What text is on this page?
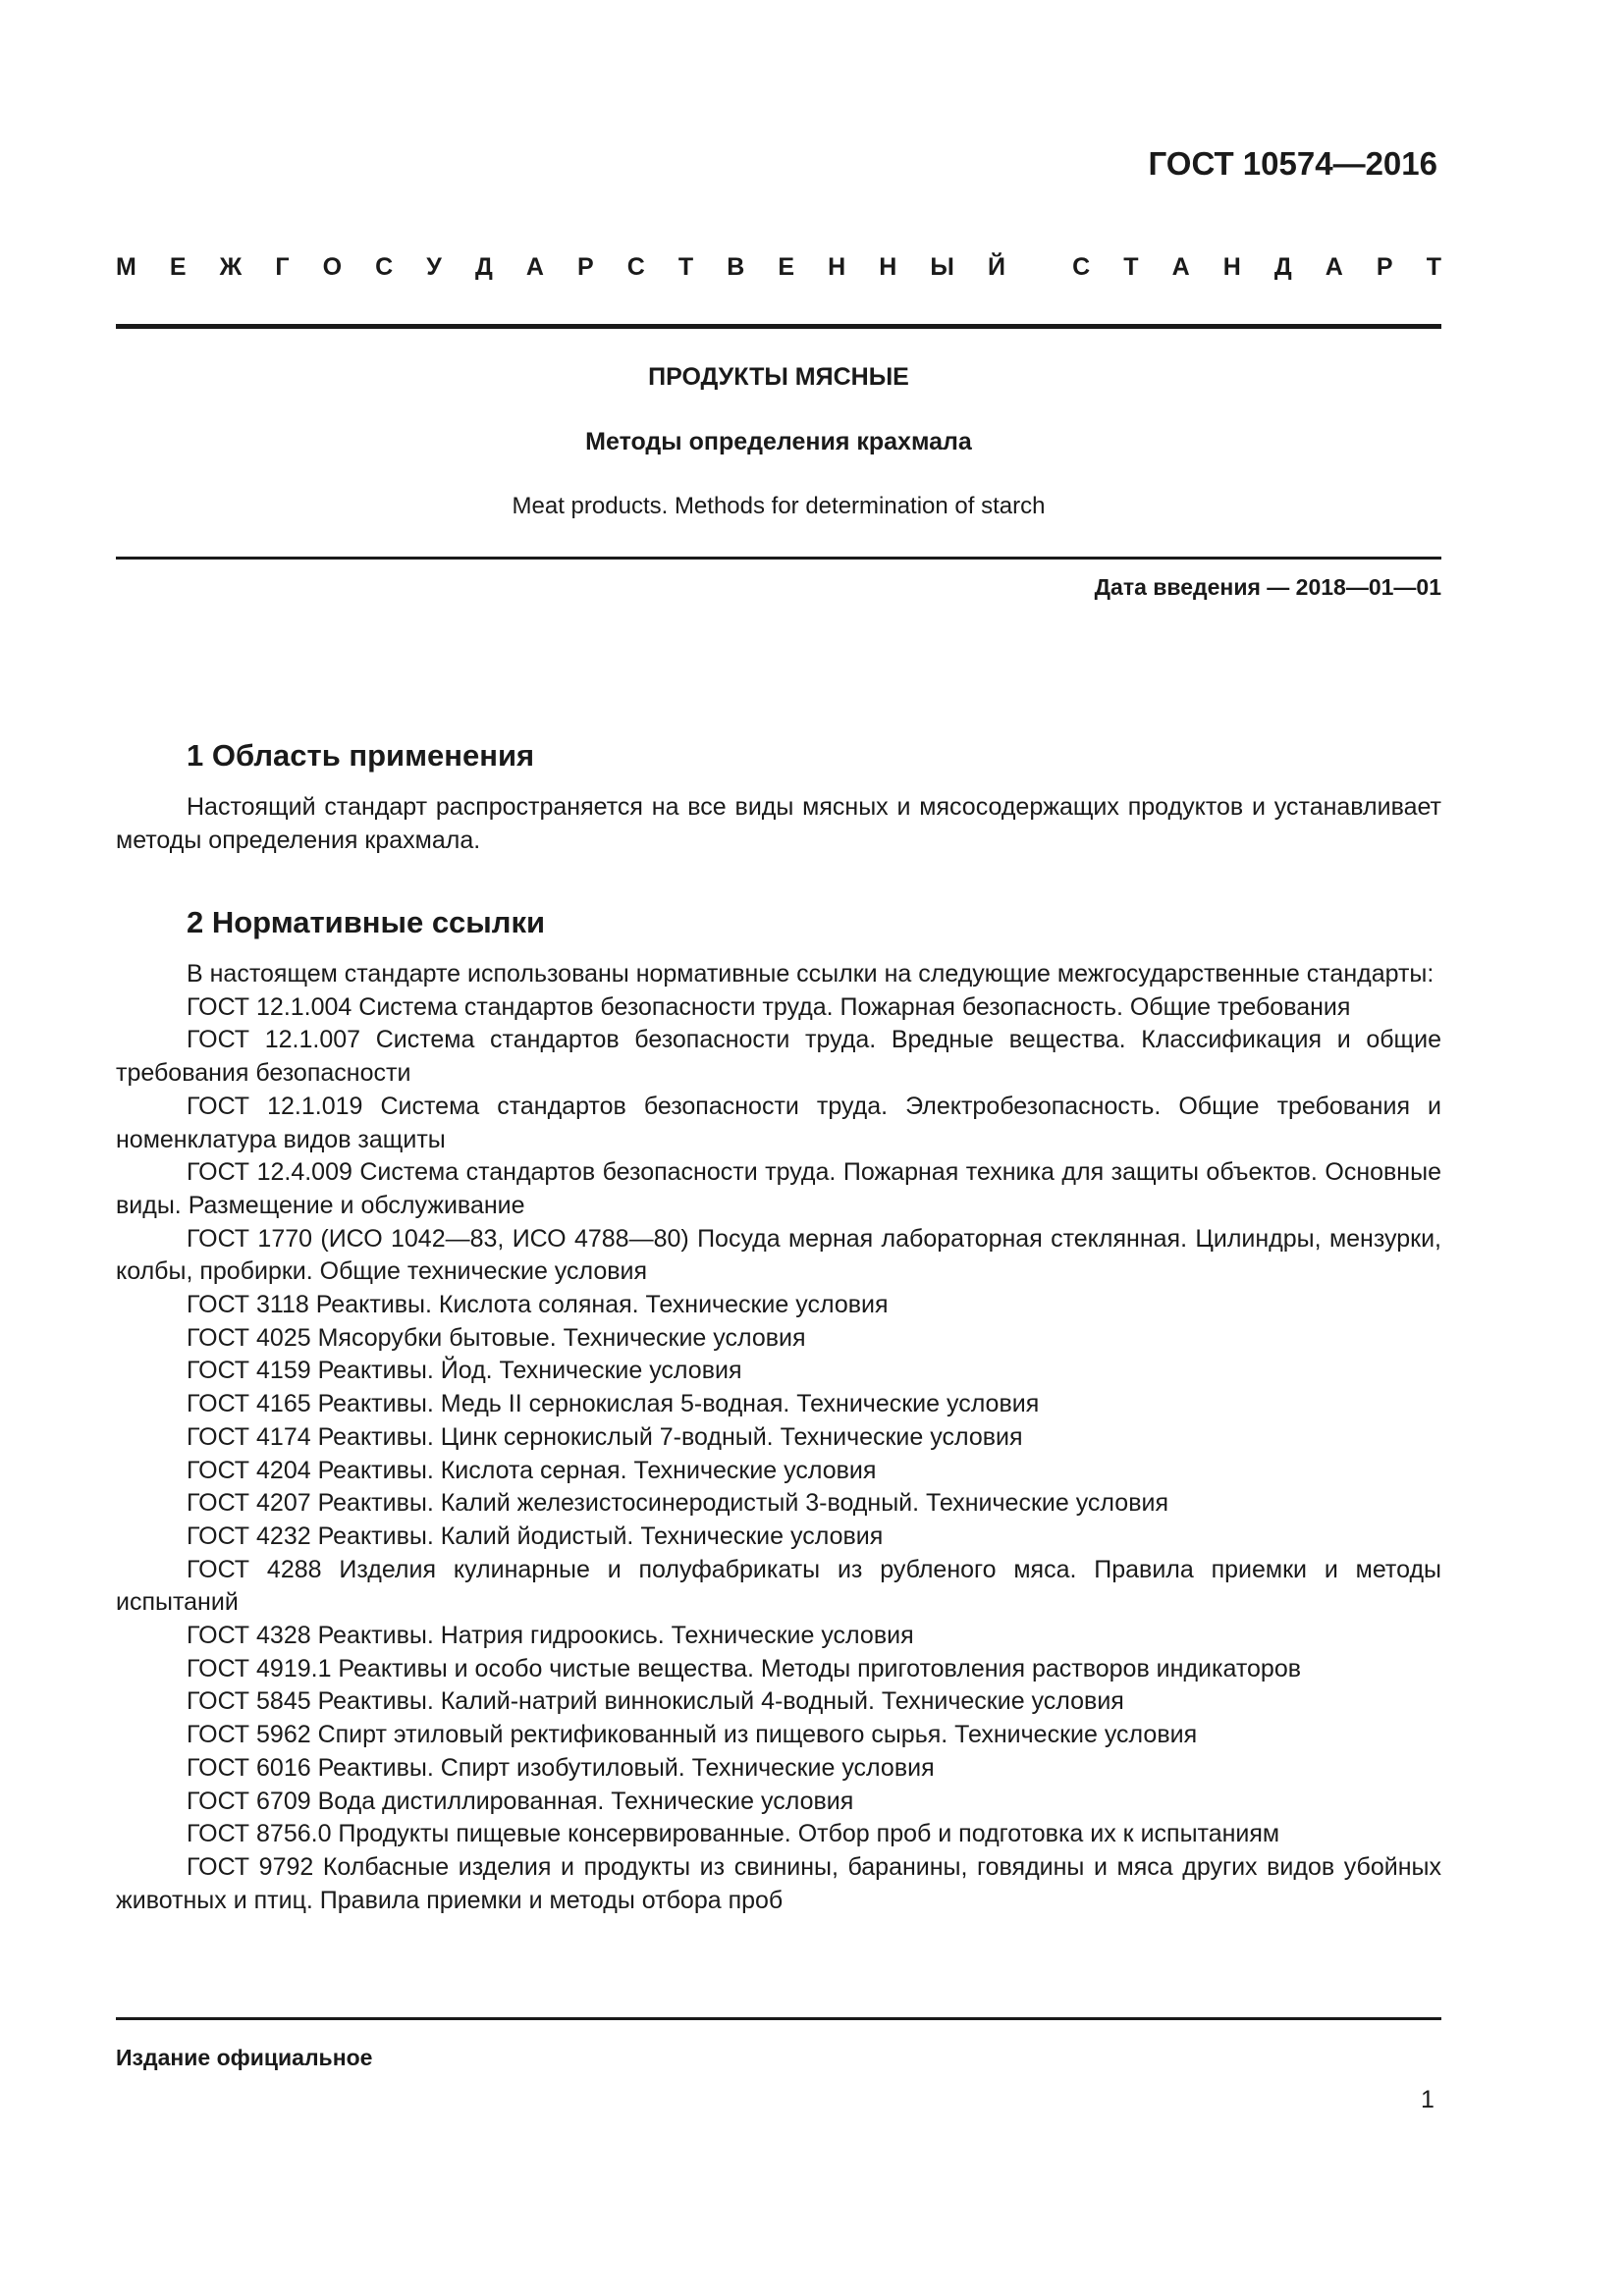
ГОСТ 10574—2016
М Е Ж Г О С У Д А Р С Т В Е Н Н Ы Й	С Т А Н Д А Р Т
ПРОДУКТЫ МЯСНЫЕ
Методы определения крахмала
Meat products. Methods for determination of starch
Дата введения — 2018—01—01
1 Область применения

Настоящий стандарт распространяется на все виды мясных и мясосодержащих продуктов и устанавливает методы определения крахмала.

2 Нормативные ссылки

В настоящем стандарте использованы нормативные ссылки на следующие межгосударственные стандарты:

ГОСТ 12.1.004 Система стандартов безопасности труда. Пожарная безопасность. Общие требования
ГОСТ 12.1.007 Система стандартов безопасности труда. Вредные вещества. Классификация и общие требования безопасности
ГОСТ 12.1.019 Система стандартов безопасности труда. Электробезопасность. Общие требования и номенклатура видов защиты
ГОСТ 12.4.009 Система стандартов безопасности труда. Пожарная техника для защиты объектов. Основные виды. Размещение и обслуживание
ГОСТ 1770 (ИСО 1042—83, ИСО 4788—80) Посуда мерная лабораторная стеклянная. Цилиндры, мензурки, колбы, пробирки. Общие технические условия
ГОСТ 3118 Реактивы. Кислота соляная. Технические условия
ГОСТ 4025 Мясорубки бытовые. Технические условия
ГОСТ 4159 Реактивы. Йод. Технические условия
ГОСТ 4165 Реактивы. Медь II сернокислая 5-водная. Технические условия
ГОСТ 4174 Реактивы. Цинк сернокислый 7-водный. Технические условия
ГОСТ 4204 Реактивы. Кислота серная. Технические условия
ГОСТ 4207 Реактивы. Калий железистосинеродистый 3-водный. Технические условия
ГОСТ 4232 Реактивы. Калий йодистый. Технические условия
ГОСТ 4288 Изделия кулинарные и полуфабрикаты из рубленого мяса. Правила приемки и методы испытаний
ГОСТ 4328 Реактивы. Натрия гидроокись. Технические условия
ГОСТ 4919.1 Реактивы и особо чистые вещества. Методы приготовления растворов индикаторов
ГОСТ 5845 Реактивы. Калий-натрий виннокислый 4-водный. Технические условия
ГОСТ 5962 Спирт этиловый ректификованный из пищевого сырья. Технические условия
ГОСТ 6016 Реактивы. Спирт изобутиловый. Технические условия
ГОСТ 6709 Вода дистиллированная. Технические условия
ГОСТ 8756.0 Продукты пищевые консервированные. Отбор проб и подготовка их к испытаниям
ГОСТ 9792 Колбасные изделия и продукты из свинины, баранины, говядины и мяса других видов убойных животных и птиц. Правила приемки и методы отбора проб
Издание официальное
1
